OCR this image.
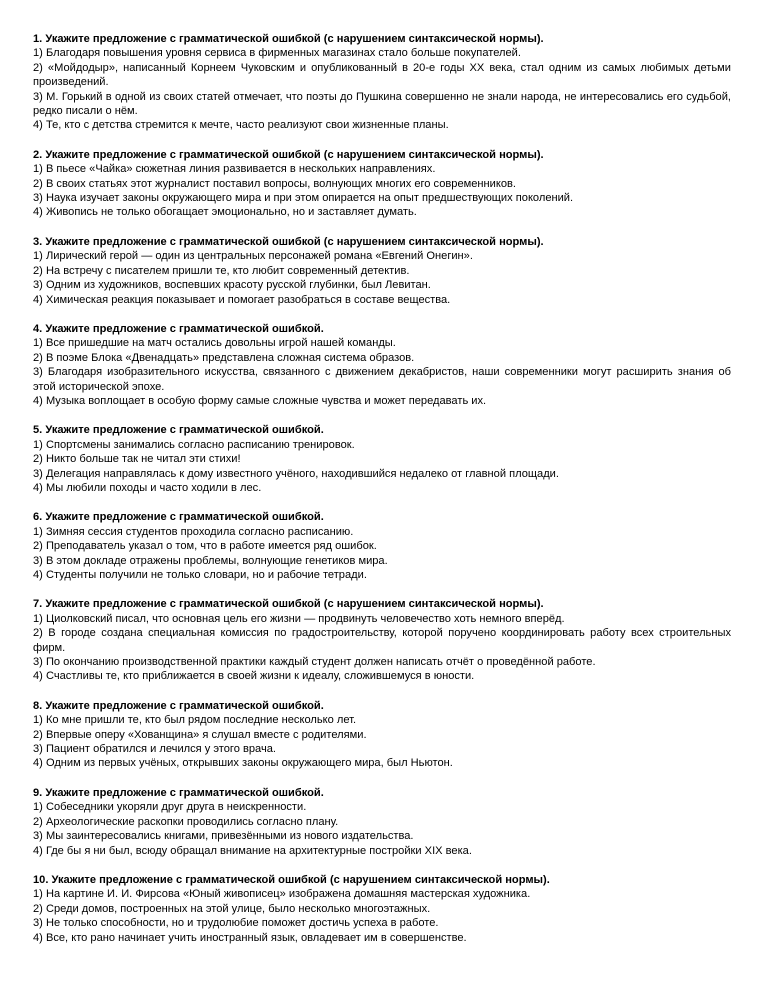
1. Укажите предложение с грамматической ошибкой (с нарушением синтаксической нормы).

1) Благодаря повышения уровня сервиса в фирменных магазинах стало больше покупателей.

2) «Мойдодыр», написанный Корнеем Чуковским и опубликованный в 20-е годы XX века, стал одним из самых любимых детьми произведений.

3) М. Горький в одной из своих статей отмечает, что поэты до Пушкина совершенно не знали народа, не интересовались его судьбой, редко писали о нём.

4) Те, кто с детства стремится к мечте, часто реализуют свои жизненные планы.

2. Укажите предложение с грамматической ошибкой (с нарушением синтаксической нормы).

1) В пьесе «Чайка» сюжетная линия развивается в нескольких направлениях.

2) В своих статьях этот журналист поставил вопросы, волнующих многих его современников.

3) Наука изучает законы окружающего мира и при этом опирается на опыт предшествующих поколений.

4) Живопись не только обогащает эмоционально, но и заставляет думать.

3. Укажите предложение с грамматической ошибкой (с нарушением синтаксической нормы).

1) Лирический герой — один из центральных персонажей романа «Евгений Онегин».

2) На встречу с писателем пришли те, кто любит современный детектив.

3) Одним из художников, воспевших красоту русской глубинки, был Левитан.

4) Химическая реакция показывает и помогает разобраться в составе вещества.

4. Укажите предложение с грамматической ошибкой.

1) Все пришедшие на матч остались довольны игрой нашей команды.

2) В поэме Блока «Двенадцать» представлена сложная система образов.

3) Благодаря изобразительного искусства, связанного с движением декабристов, наши современники могут расширить знания об этой исторической эпохе.

4) Музыка воплощает в особую форму самые сложные чувства и может передавать их.

5. Укажите предложение с грамматической ошибкой.

1) Спортсмены занимались согласно расписанию тренировок.

2) Никто больше так не читал эти стихи!

3) Делегация направлялась к дому известного учёного, находившийся недалеко от главной площади.

4) Мы любили походы и часто ходили в лес.

6. Укажите предложение с грамматической ошибкой.

1) Зимняя сессия студентов проходила согласно расписанию.

2) Преподаватель указал о том, что в работе имеется ряд ошибок.

3) В этом докладе отражены проблемы, волнующие генетиков мира.

4) Студенты получили не только словари, но и рабочие тетради.

7. Укажите предложение с грамматической ошибкой (с нарушением синтаксической нормы).

1) Циолковский писал, что основная цель его жизни — продвинуть человечество хоть немного вперёд.

2) В городе создана специальная комиссия по градостроительству, которой поручено координировать работу всех строительных фирм.

3) По окончанию производственной практики каждый студент должен написать отчёт о проведённой работе.

4) Счастливы те, кто приближается в своей жизни к идеалу, сложившемуся в юности.

8. Укажите предложение с грамматической ошибкой.

1) Ко мне пришли те, кто был рядом последние несколько лет.

2) Впервые оперу «Хованщина» я слушал вместе с родителями.

3) Пациент обратился и лечился у этого врача.

4) Одним из первых учёных, открывших законы окружающего мира, был Ньютон.

9. Укажите предложение с грамматической ошибкой.

1) Собеседники укоряли друг друга в неискренности.

2) Археологические раскопки проводились согласно плану.

3) Мы заинтересовались книгами, привезёнными из нового издательства.

4) Где бы я ни был, всюду обращал внимание на архитектурные постройки XIX века.

10. Укажите предложение с грамматической ошибкой (с нарушением синтаксической нормы).

1) На картине И. И. Фирсова «Юный живописец» изображена домашняя мастерская художника.

2) Среди домов, построенных на этой улице, было несколько многоэтажных.

3) Не только способности, но и трудолюбие поможет достичь успеха в работе.

4) Все, кто рано начинает учить иностранный язык, овладевает им в совершенстве.
